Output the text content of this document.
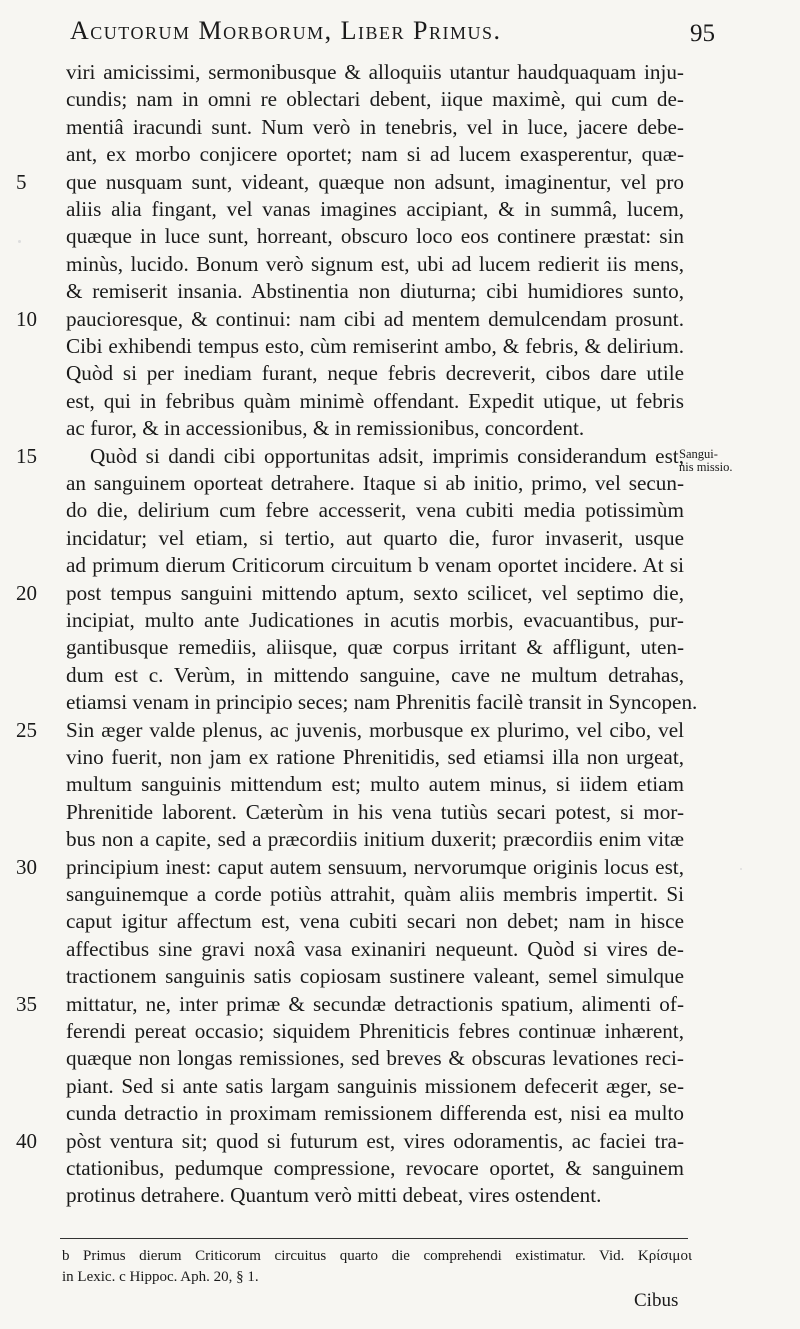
Acutorum Morborum, Liber Primus.	95
viri amicissimi, sermonibusque & alloquiis utantur haudquaquam inju-
cundis; nam in omni re oblectari debent, iique maximè, qui cum de-
mentiâ iracundi sunt. Num verò in tenebris, vel in luce, jacere debe-
ant, ex morbo conjicere oportet; nam si ad lucem exasperentur, quæ-
que nusquam sunt, videant, quæque non adsunt, imaginentur, vel pro
5
aliis alia fingant, vel vanas imagines accipiant, & in summâ, lucem,
quæque in luce sunt, horreant, obscuro loco eos continere præstat: sin
minùs, lucido. Bonum verò signum est, ubi ad lucem redierit iis mens,
& remiserit insania. Abstinentia non diuturna; cibi humidiores sunto,
paucioresque, & continui: nam cibi ad mentem demulcendam prosunt.
10
Cibi exhibendi tempus esto, cùm remiserint ambo, & febris, & delirium.
Quòd si per inediam furant, neque febris decreverit, cibos dare utile
est, qui in febribus quàm minimè offendant. Expedit utique, ut febris
ac furor, & in accessionibus, & in remissionibus, concordent.
Quòd si dandi cibi opportunitas adsit, imprimis considerandum est,
15
an sanguinem oporteat detrahere. Itaque si ab initio, primo, vel secun-
do die, delirium cum febre accesserit, vena cubiti media potissimùm
incidatur; vel etiam, si tertio, aut quarto die, furor invaserit, usque
ad primum dierum Criticorum circuitum b venam oportet incidere. At si
post tempus sanguini mittendo aptum, sexto scilicet, vel septimo die,
20
incipiat, multo ante Judicationes in acutis morbis, evacuantibus, pur-
gantibusque remediis, aliisque, quæ corpus irritant & affligunt, uten-
dum est c. Verùm, in mittendo sanguine, cave ne multum detrahas,
etiamsi venam in principio seces; nam Phrenitis facilè transit in Syncopen.
Sin æger valde plenus, ac juvenis, morbusque ex plurimo, vel cibo, vel
25
vino fuerit, non jam ex ratione Phrenitidis, sed etiamsi illa non urgeat,
multum sanguinis mittendum est; multo autem minus, si iidem etiam
Phrenitide laborent. Cæterùm in his vena tutiùs secari potest, si mor-
bus non a capite, sed a præcordiis initium duxerit; præcordiis enim vitæ
principium inest: caput autem sensuum, nervorumque originis locus est,
30
sanguinemque a corde potiùs attrahit, quàm aliis membris impertit. Si
caput igitur affectum est, vena cubiti secari non debet; nam in hisce
affectibus sine gravi noxâ vasa exinaniri nequeunt. Quòd si vires de-
tractionem sanguinis satis copiosam sustinere valeant, semel simulque
mittatur, ne, inter primæ & secundæ detractionis spatium, alimenti of-
35
ferendi pereat occasio; siquidem Phreniticis febres continuæ inhærent,
quæque non longas remissiones, sed breves & obscuras levationes reci-
piant. Sed si ante satis largam sanguinis missionem defecerit æger, se-
cunda detractio in proximam remissionem differenda est, nisi ea multo
pòst ventura sit; quod si futurum est, vires odoramentis, ac faciei tra-
40
ctationibus, pedumque compressione, revocare oportet, & sanguinem
protinus detrahere. Quantum verò mitti debeat, vires ostendent.
Sangui-
nis missio.
b Primus dierum Criticorum circuitus quarto die comprehendi existimatur. Vid. Κρίσιμοι
in Lexic. c Hippoc. Aph. 20, § 1.
Cibus
